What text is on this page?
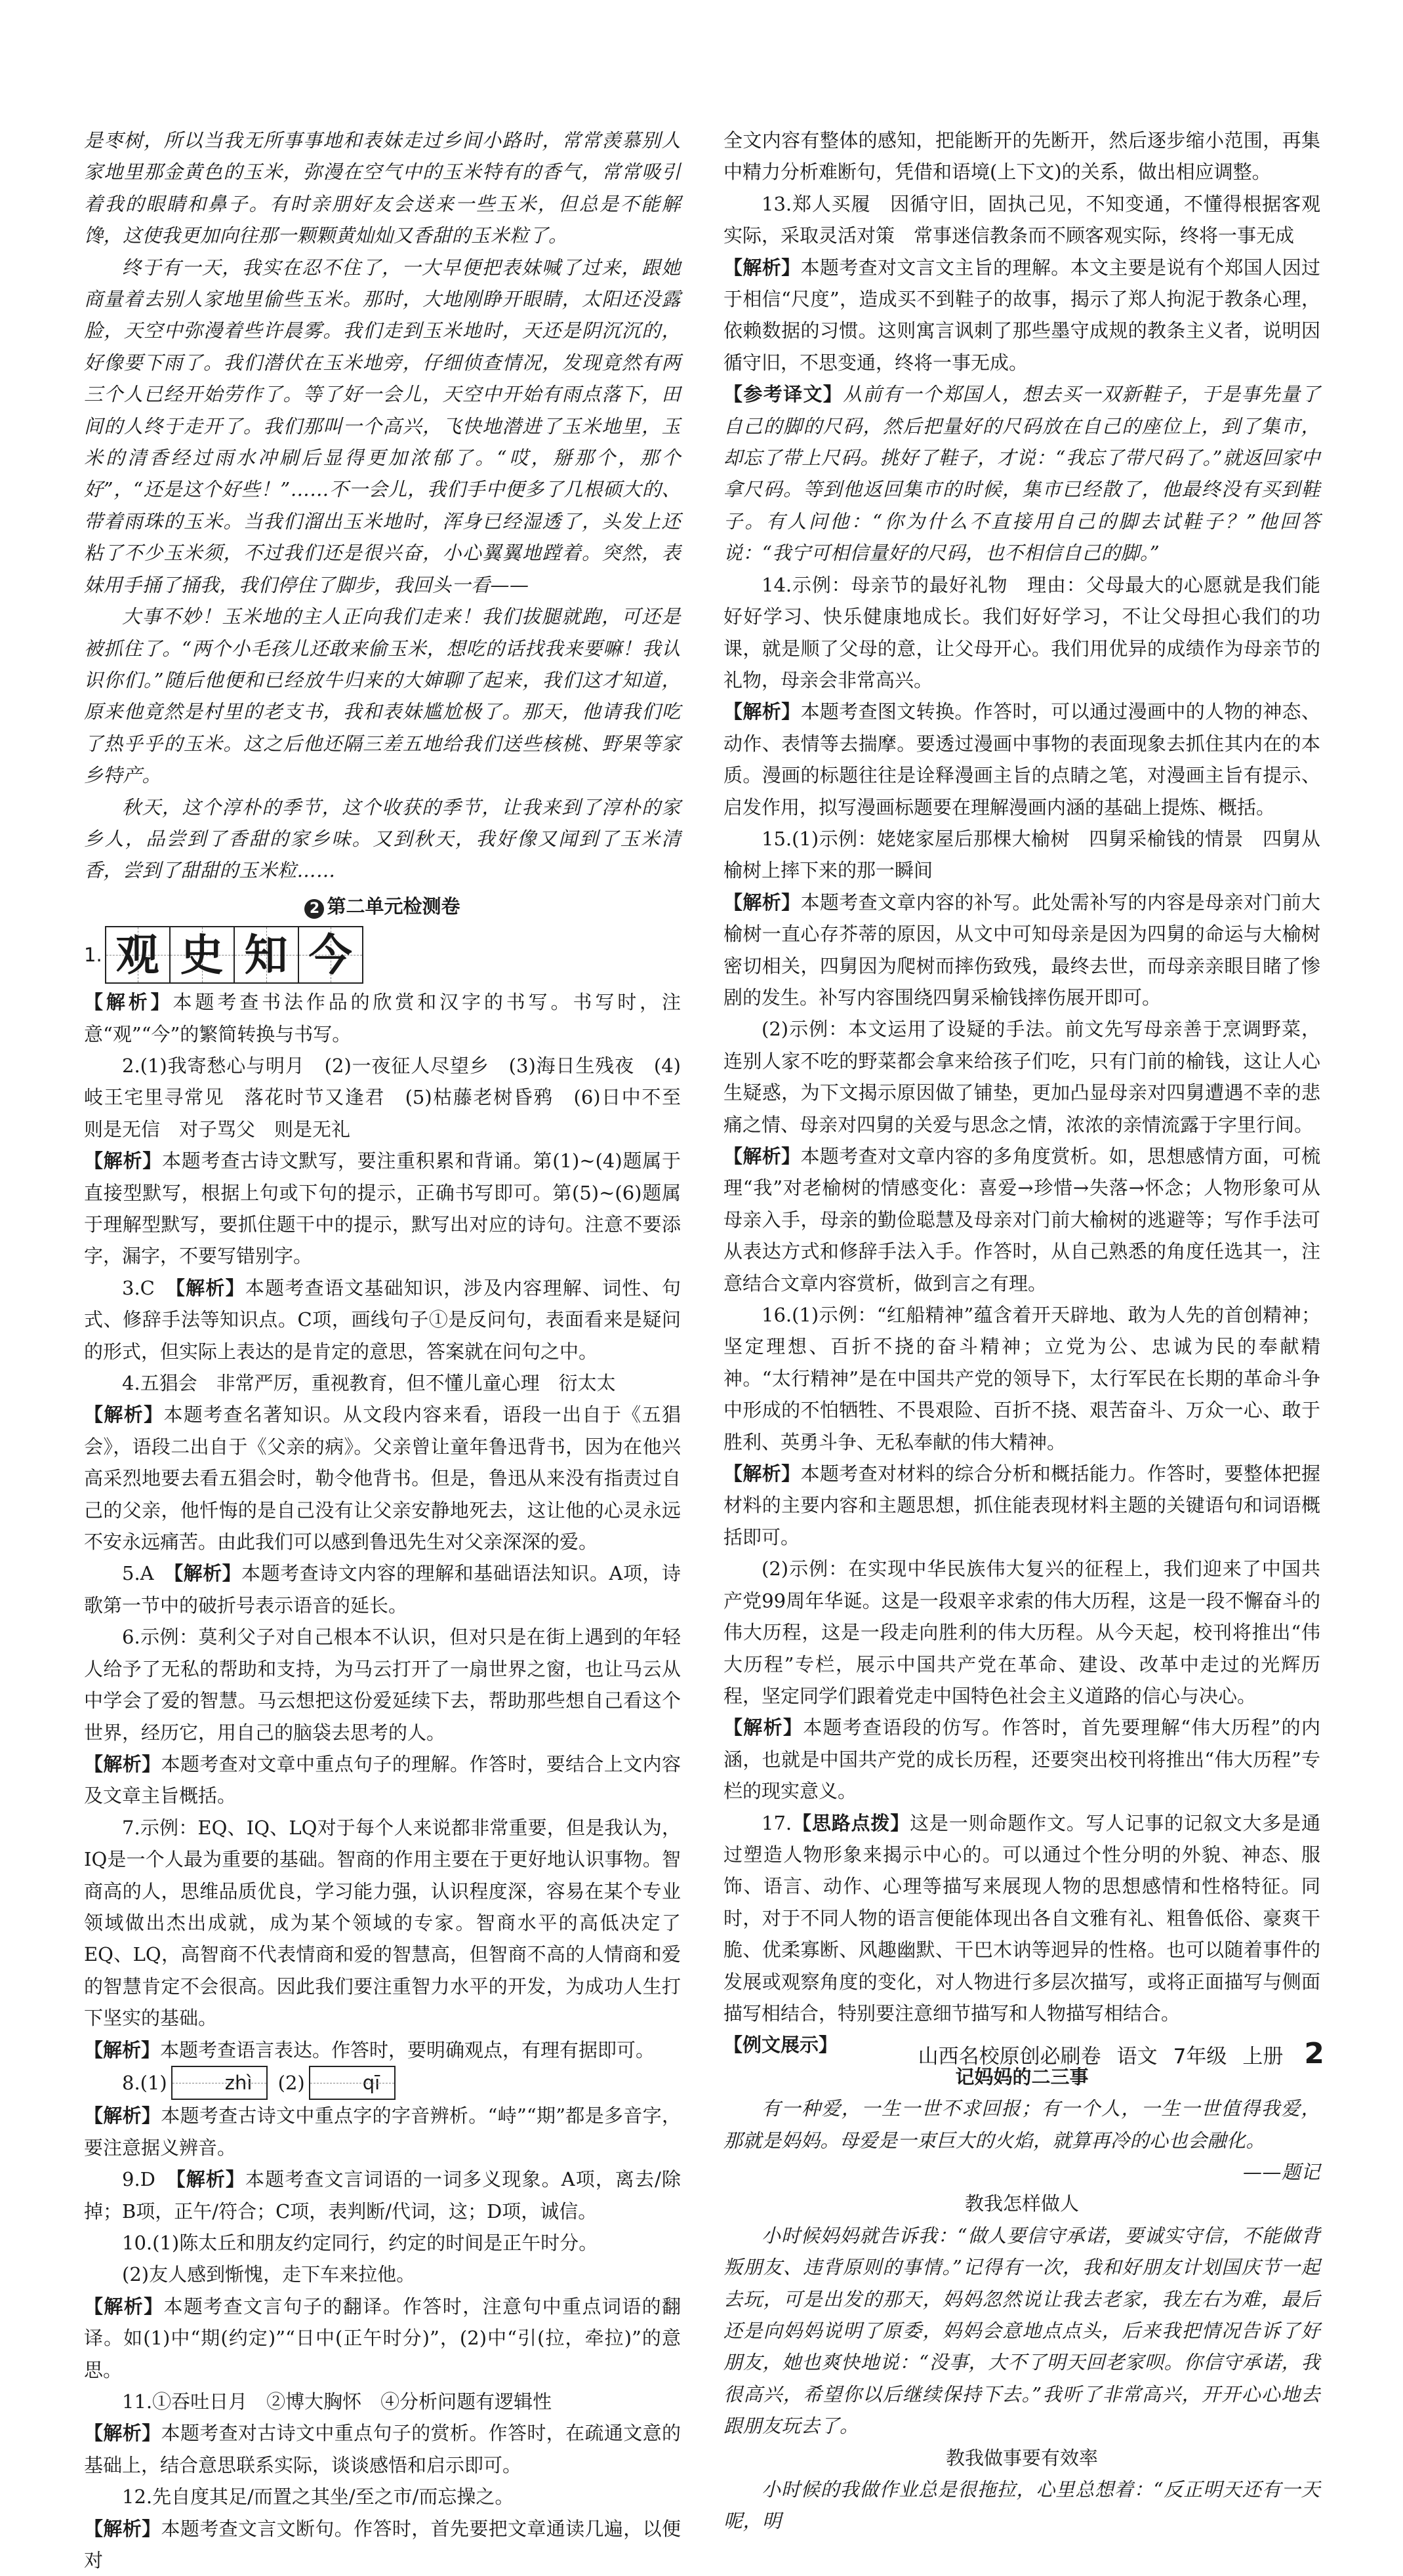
是枣树，所以当我无所事事地和表妹走过乡间小路时，常常羡慕别人家地里那金黄色的玉米，弥漫在空气中的玉米特有的香气，常常吸引着我的眼睛和鼻子。有时亲朋好友会送来一些玉米，但总是不能解馋，这使我更加向往那一颗颗黄灿灿又香甜的玉米粒了。

终于有一天，我实在忍不住了，一大早便把表妹喊了过来，跟她商量着去别人家地里偷些玉米。那时，大地刚睁开眼睛，太阳还没露脸，天空中弥漫着些许晨雾。我们走到玉米地时，天还是阴沉沉的，好像要下雨了。我们潜伏在玉米地旁，仔细侦查情况，发现竟然有两三个人已经开始劳作了。等了好一会儿，天空中开始有雨点落下，田间的人终于走开了。我们那叫一个高兴，飞快地潜进了玉米地里，玉米的清香经过雨水冲刷后显得更加浓郁了。“哎，掰那个，那个好”，“还是这个好些！”……不一会儿，我们手中便多了几根硕大的、带着雨珠的玉米。当我们溜出玉米地时，浑身已经湿透了，头发上还粘了不少玉米须，不过我们还是很兴奋，小心翼翼地蹚着。突然，表妹用手捅了捅我，我们停住了脚步，我回头一看——

大事不妙！玉米地的主人正向我们走来！我们拔腿就跑，可还是被抓住了。“两个小毛孩儿还敢来偷玉米，想吃的话找我来要嘛！我认识你们。”随后他便和已经放牛归来的大婶聊了起来，我们这才知道，原来他竟然是村里的老支书，我和表妹尴尬极了。那天，他请我们吃了热乎乎的玉米。这之后他还隔三差五地给我们送些核桃、野果等家乡特产。

秋天，这个淳朴的季节，这个收获的季节，让我来到了淳朴的家乡人，品尝到了香甜的家乡味。又到秋天，我好像又闻到了玉米清香，尝到了甜甜的玉米粒……

2 第二单元检测卷

1. 观 史 知 今

【解析】本题考查书法作品的欣赏和汉字的书写。书写时，注意“观”“今”的繁简转换与书写。

2.(1)我寄愁心与明月　(2)一夜征人尽望乡　(3)海日生残夜　(4)岐王宅里寻常见　落花时节又逢君　(5)枯藤老树昏鸦　(6)日中不至　则是无信　对子骂父　则是无礼

【解析】本题考查古诗文默写，要注重积累和背诵。第(1)~(4)题属于直接型默写，根据上句或下句的提示，正确书写即可。第(5)~(6)题属于理解型默写，要抓住题干中的提示，默写出对应的诗句。注意不要添字，漏字，不要写错别字。

3.C　【解析】本题考查语文基础知识，涉及内容理解、词性、句式、修辞手法等知识点。C项，画线句子①是反问句，表面看来是疑问的形式，但实际上表达的是肯定的意思，答案就在问句之中。

4.五猖会　非常严厉，重视教育，但不懂儿童心理　衍太太

【解析】本题考查名著知识。从文段内容来看，语段一出自于《五猖会》，语段二出自于《父亲的病》。父亲曾让童年鲁迅背书，因为在他兴高采烈地要去看五猖会时，勒令他背书。但是，鲁迅从来没有指责过自己的父亲，他忏悔的是自己没有让父亲安静地死去，这让他的心灵永远不安永远痛苦。由此我们可以感到鲁迅先生对父亲深深的爱。

5.A　【解析】本题考查诗文内容的理解和基础语法知识。A项，诗歌第一节中的破折号表示语音的延长。

6.示例：莫利父子对自己根本不认识，但对只是在街上遇到的年轻人给予了无私的帮助和支持，为马云打开了一扇世界之窗，也让马云从中学会了爱的智慧。马云想把这份爱延续下去，帮助那些想自己看这个世界，经历它，用自己的脑袋去思考的人。

【解析】本题考查对文章中重点句子的理解。作答时，要结合上文内容及文章主旨概括。

7.示例：EQ、IQ、LQ对于每个人来说都非常重要，但是我认为，IQ是一个人最为重要的基础。智商的作用主要在于更好地认识事物。智商高的人，思维品质优良，学习能力强，认识程度深，容易在某个专业领域做出杰出成就，成为某个领域的专家。智商水平的高低决定了EQ、LQ，高智商不代表情商和爱的智慧高，但智商不高的人情商和爱的智慧肯定不会很高。因此我们要注重智力水平的开发，为成功人生打下坚实的基础。

【解析】本题考查语言表达。作答时，要明确观点，有理有据即可。

8.(1)	zhì (2)	qī

【解析】本题考查古诗文中重点字的字音辨析。“峙”“期”都是多音字，要注意据义辨音。

9.D　【解析】本题考查文言词语的一词多义现象。A项，离去/除掉；B项，正午/符合；C项，表判断/代词，这；D项，诚信。

10.(1)陈太丘和朋友约定同行，约定的时间是正午时分。

(2)友人感到惭愧，走下车来拉他。

【解析】本题考查文言句子的翻译。作答时，注意句中重点词语的翻译。如(1)中“期(约定)”“日中(正午时分)”，(2)中“引(拉，牵拉)”的意思。

11.①吞吐日月　②博大胸怀　④分析问题有逻辑性

【解析】本题考查对古诗文中重点句子的赏析。作答时，在疏通文意的基础上，结合意思联系实际，谈谈感悟和启示即可。

12.先自度其足/而置之其坐/至之市/而忘操之。

【解析】本题考查文言文断句。作答时，首先要把文章通读几遍，以便对

全文内容有整体的感知，把能断开的先断开，然后逐步缩小范围，再集中精力分析难断句，凭借和语境(上下文)的关系，做出相应调整。

13.郑人买履　因循守旧，固执己见，不知变通，不懂得根据客观实际，采取灵活对策　常事迷信教条而不顾客观实际，终将一事无成

【解析】本题考查对文言文主旨的理解。本文主要是说有个郑国人因过于相信“尺度”，造成买不到鞋子的故事，揭示了郑人拘泥于教条心理，依赖数据的习惯。这则寓言讽刺了那些墨守成规的教条主义者，说明因循守旧，不思变通，终将一事无成。

【参考译文】从前有一个郑国人，想去买一双新鞋子，于是事先量了自己的脚的尺码，然后把量好的尺码放在自己的座位上，到了集市，却忘了带上尺码。挑好了鞋子，才说：“我忘了带尺码了。”就返回家中拿尺码。等到他返回集市的时候，集市已经散了，他最终没有买到鞋子。有人问他：“你为什么不直接用自己的脚去试鞋子？”他回答说：“我宁可相信量好的尺码，也不相信自己的脚。”

14.示例：母亲节的最好礼物　理由：父母最大的心愿就是我们能好好学习、快乐健康地成长。我们好好学习，不让父母担心我们的功课，就是顺了父母的意，让父母开心。我们用优异的成绩作为母亲节的礼物，母亲会非常高兴。

【解析】本题考查图文转换。作答时，可以通过漫画中的人物的神态、动作、表情等去揣摩。要透过漫画中事物的表面现象去抓住其内在的本质。漫画的标题往往是诠释漫画主旨的点睛之笔，对漫画主旨有提示、启发作用，拟写漫画标题要在理解漫画内涵的基础上提炼、概括。

15.(1)示例：姥姥家屋后那棵大榆树　四舅采榆钱的情景　四舅从榆树上摔下来的那一瞬间

【解析】本题考查文章内容的补写。此处需补写的内容是母亲对门前大榆树一直心存芥蒂的原因，从文中可知母亲是因为四舅的命运与大榆树密切相关，四舅因为爬树而摔伤致残，最终去世，而母亲亲眼目睹了惨剧的发生。补写内容围绕四舅采榆钱摔伤展开即可。

(2)示例：本文运用了设疑的手法。前文先写母亲善于烹调野菜，连别人家不吃的野菜都会拿来给孩子们吃，只有门前的榆钱，这让人心生疑惑，为下文揭示原因做了铺垫，更加凸显母亲对四舅遭遇不幸的悲痛之情、母亲对四舅的关爱与思念之情，浓浓的亲情流露于字里行间。

【解析】本题考查对文章内容的多角度赏析。如，思想感情方面，可梳理“我”对老榆树的情感变化：喜爱→珍惜→失落→怀念；人物形象可从母亲入手，母亲的勤俭聪慧及母亲对门前大榆树的逃避等；写作手法可从表达方式和修辞手法入手。作答时，从自己熟悉的角度任选其一，注意结合文章内容赏析，做到言之有理。

16.(1)示例：“红船精神”蕴含着开天辟地、敢为人先的首创精神；坚定理想、百折不挠的奋斗精神；立党为公、忠诚为民的奉献精神。“太行精神”是在中国共产党的领导下，太行军民在长期的革命斗争中形成的不怕牺牲、不畏艰险、百折不挠、艰苦奋斗、万众一心、敢于胜利、英勇斗争、无私奉献的伟大精神。

【解析】本题考查对材料的综合分析和概括能力。作答时，要整体把握材料的主要内容和主题思想，抓住能表现材料主题的关键语句和词语概括即可。

(2)示例：在实现中华民族伟大复兴的征程上，我们迎来了中国共产党99周年华诞。这是一段艰辛求索的伟大历程，这是一段不懈奋斗的伟大历程，这是一段走向胜利的伟大历程。从今天起，校刊将推出“伟大历程”专栏，展示中国共产党在革命、建设、改革中走过的光辉历程，坚定同学们跟着党走中国特色社会主义道路的信心与决心。

【解析】本题考查语段的仿写。作答时，首先要理解“伟大历程”的内涵，也就是中国共产党的成长历程，还要突出校刊将推出“伟大历程”专栏的现实意义。

17.【思路点拨】这是一则命题作文。写人记事的记叙文大多是通过塑造人物形象来揭示中心的。可以通过个性分明的外貌、神态、服饰、语言、动作、心理等描写来展现人物的思想感情和性格特征。同时，对于不同人物的语言便能体现出各自文雅有礼、粗鲁低俗、豪爽干脆、优柔寡断、风趣幽默、干巴木讷等迥异的性格。也可以随着事件的发展或观察角度的变化，对人物进行多层次描写，或将正面描写与侧面描写相结合，特别要注意细节描写和人物描写相结合。

【例文展示】

记妈妈的二三事

有一种爱，一生一世不求回报；有一个人，一生一世值得我爱，那就是妈妈。母爱是一束巨大的火焰，就算再冷的心也会融化。

——题记

教我怎样做人

小时候妈妈就告诉我：“做人要信守承诺，要诚实守信，不能做背叛朋友、违背原则的事情。”记得有一次，我和好朋友计划国庆节一起去玩，可是出发的那天，妈妈忽然说让我去老家，我左右为难，最后还是向妈妈说明了原委，妈妈会意地点点头，后来我把情况告诉了好朋友，她也爽快地说：“没事，大不了明天回老家呗。你信守承诺，我很高兴，希望你以后继续保持下去。”我听了非常高兴，开开心心地去跟朋友玩去了。

教我做事要有效率

小时候的我做作业总是很拖拉，心里总想着：“反正明天还有一天呢，明

山西名校原创必刷卷 语文 7年级 上册 2
